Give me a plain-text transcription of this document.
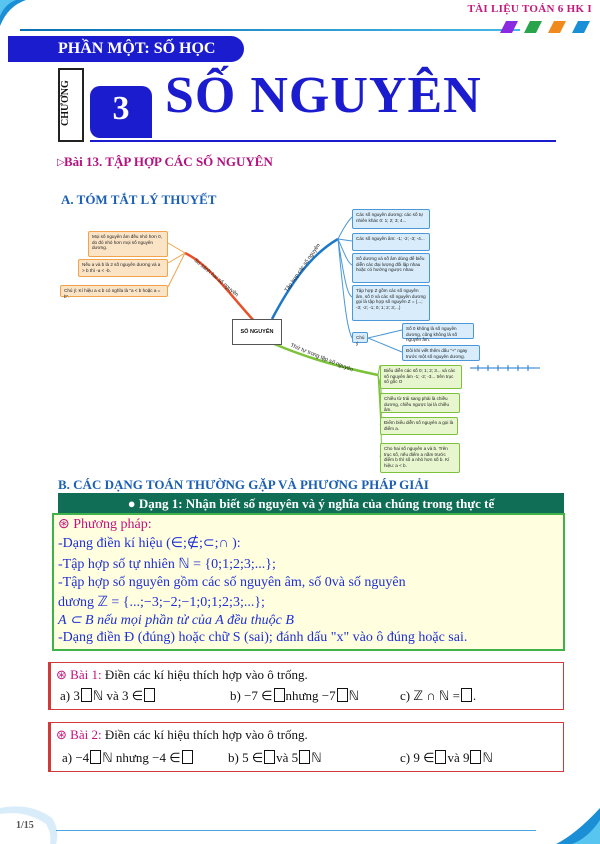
TÀI LIỆU TOÁN 6 HK I
PHẦN MỘT: SỐ HỌC
CHƯƠNG	3 SỐ NGUYÊN
▷ Bài 13. TẬP HỢP CÁC SỐ NGUYÊN
A. TÓM TẮT LÝ THUYẾT
SỐ NGUYÊN
So sánh hai số nguyên	Tập hợp các số nguyên
Thứ tự trong tập số nguyên
Mọi số nguyên âm đều nhỏ hơn 0, do đó nhỏ hơn mọi số nguyên dương.
Nếu a và b là 2 số nguyên dương và a > b thì -a < -b.
Chú ý: Kí hiệu a ≤ b có nghĩa là "a < b hoặc a = b".
Các số nguyên dương: các số tự nhiên khác 0: 1; 2; 3; 4...
Các số nguyên âm: -1; -2; -3; -4...
Số dương và số âm dùng để biểu diễn các đại lượng đối lập nhau hoặc có hướng ngược nhau
Tập hợp Z gồm các số nguyên âm, số 0 và các số nguyên dương gọi là tập hợp số nguyên Z = {...; -3; -2; -1; 0; 1; 2; 3;...}
Chú ý
Số 0 không là số nguyên dương, cũng không là số nguyên âm.
Đôi khi viết thêm dấu "+" ngay trước một số nguyên dương.
Biểu diễn các số 0; 1; 2; 3... và các số nguyên âm -1; -2; -3... trên trục số gốc O
Chiều từ trái sang phải là chiều dương, chiều ngược lại là chiều âm.
Điểm biểu diễn số nguyên a gọi là điểm a.
Cho hai số nguyên a và b. Trên trục số, nếu điểm a nằm trước điểm b thì số a nhỏ hơn số b. Kí hiệu: a < b.
B. CÁC DẠNG TOÁN THƯỜNG GẶP VÀ PHƯƠNG PHÁP GIẢI
● Dạng 1: Nhận biết số nguyên và ý nghĩa của chúng trong thực tế
⊛ Phương pháp:
-Dạng điền kí hiệu (∈;∉;⊂;∩ ):
-Tập hợp số tự nhiên ℕ = {0;1;2;3;...};
-Tập hợp số nguyên gồm các số nguyên âm, số 0và số nguyên
dương ℤ = {...;−3;−2;−1;0;1;2;3;...};
A ⊂ B nếu mọi phần tử của A đều thuộc B
-Dạng điền Đ (đúng) hoặc chữ S (sai); đánh dấu "x" vào ô đúng hoặc sai.
⊛ Bài 1: Điền các kí hiệu thích hợp vào ô trống.
a) 3 ℕ và 3 ∈	b) −7 ∈ nhưng −7 ℕ	c) ℤ ∩ ℕ = .
⊛ Bài 2: Điền các kí hiệu thích hợp vào ô trống.
a) −4 ℕ nhưng −4 ∈	b) 5 ∈ và 5 ℕ	c) 9 ∈ và 9 ℕ
1/15
